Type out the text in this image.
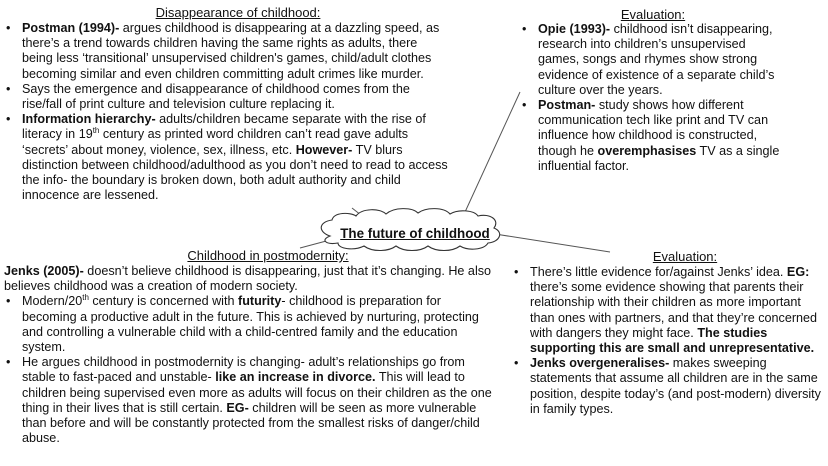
The future of childhood
Disappearance of childhood:
• Postman (1994)- argues childhood is disappearing at a dazzling speed, as there’s a trend towards children having the same rights as adults, there being less ‘transitional’ unsupervised children's games, child/adult clothes becoming similar and even children committing adult crimes like murder.
• Says the emergence and disappearance of childhood comes from the rise/fall of print culture and television culture replacing it.
• Information hierarchy- adults/children became separate with the rise of literacy in 19th century as printed word children can’t read gave adults ‘secrets’ about money, violence, sex, illness, etc. However- TV blurs distinction between childhood/adulthood as you don’t need to read to access the info- the boundary is broken down, both adult authority and child innocence are lessened.
Evaluation:
• Opie (1993)- childhood isn’t disappearing, research into children’s unsupervised games, songs and rhymes show strong evidence of existence of a separate child’s culture over the years.
• Postman- study shows how different communication tech like print and TV can influence how childhood is constructed, though he overemphasises TV as a single influential factor.
Childhood in postmodernity:

Jenks (2005)- doesn’t believe childhood is disappearing, just that it’s changing. He also believes childhood was a creation of modern society.

• Modern/20th century is concerned with futurity- childhood is preparation for becoming a productive adult in the future. This is achieved by nurturing, protecting and controlling a vulnerable child with a child-centred family and the education system.
• He argues childhood in postmodernity is changing- adult’s relationships go from stable to fast-paced and unstable- like an increase in divorce. This will lead to children being supervised even more as adults will focus on their children as the one thing in their lives that is still certain. EG- children will be seen as more vulnerable than before and will be constantly protected from the smallest risks of danger/child abuse.
Evaluation:
• There’s little evidence for/against Jenks’ idea. EG: there’s some evidence showing that parents their relationship with their children as more important than ones with partners, and that they’re concerned with dangers they might face. The studies supporting this are small and unrepresentative.
• Jenks overgeneralises- makes sweeping statements that assume all children are in the same position, despite today’s (and post-modern) diversity in family types.
